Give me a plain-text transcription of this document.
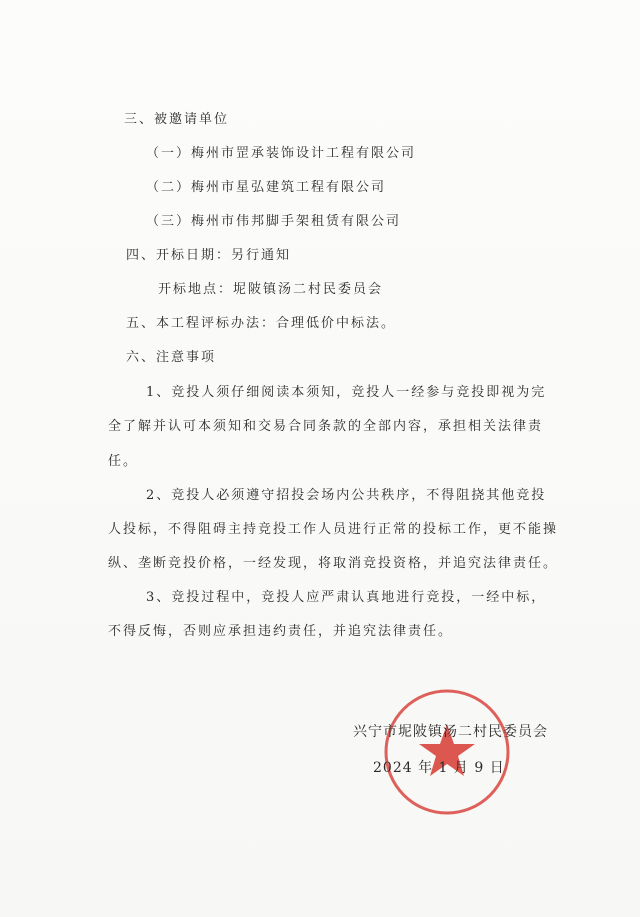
三、被邀请单位
（一）梅州市罡承装饰设计工程有限公司
（二）梅州市星弘建筑工程有限公司
（三）梅州市伟邦脚手架租赁有限公司
四、开标日期：另行通知
开标地点：坭陂镇汤二村民委员会
五、本工程评标办法：合理低价中标法。
六、注意事项
1、竞投人须仔细阅读本须知，竞投人一经参与竞投即视为完
全了解并认可本须知和交易合同条款的全部内容，承担相关法律责
任。
2、竞投人必须遵守招投会场内公共秩序，不得阻挠其他竞投
人投标，不得阻碍主持竞投工作人员进行正常的投标工作，更不能操
纵、垄断竞投价格，一经发现，将取消竞投资格，并追究法律责任。
3、竞投过程中，竞投人应严肃认真地进行竞投，一经中标，
不得反悔，否则应承担违约责任，并追究法律责任。
兴宁市坭陂镇汤二村民委员会
2024 年 1 月 9 日
